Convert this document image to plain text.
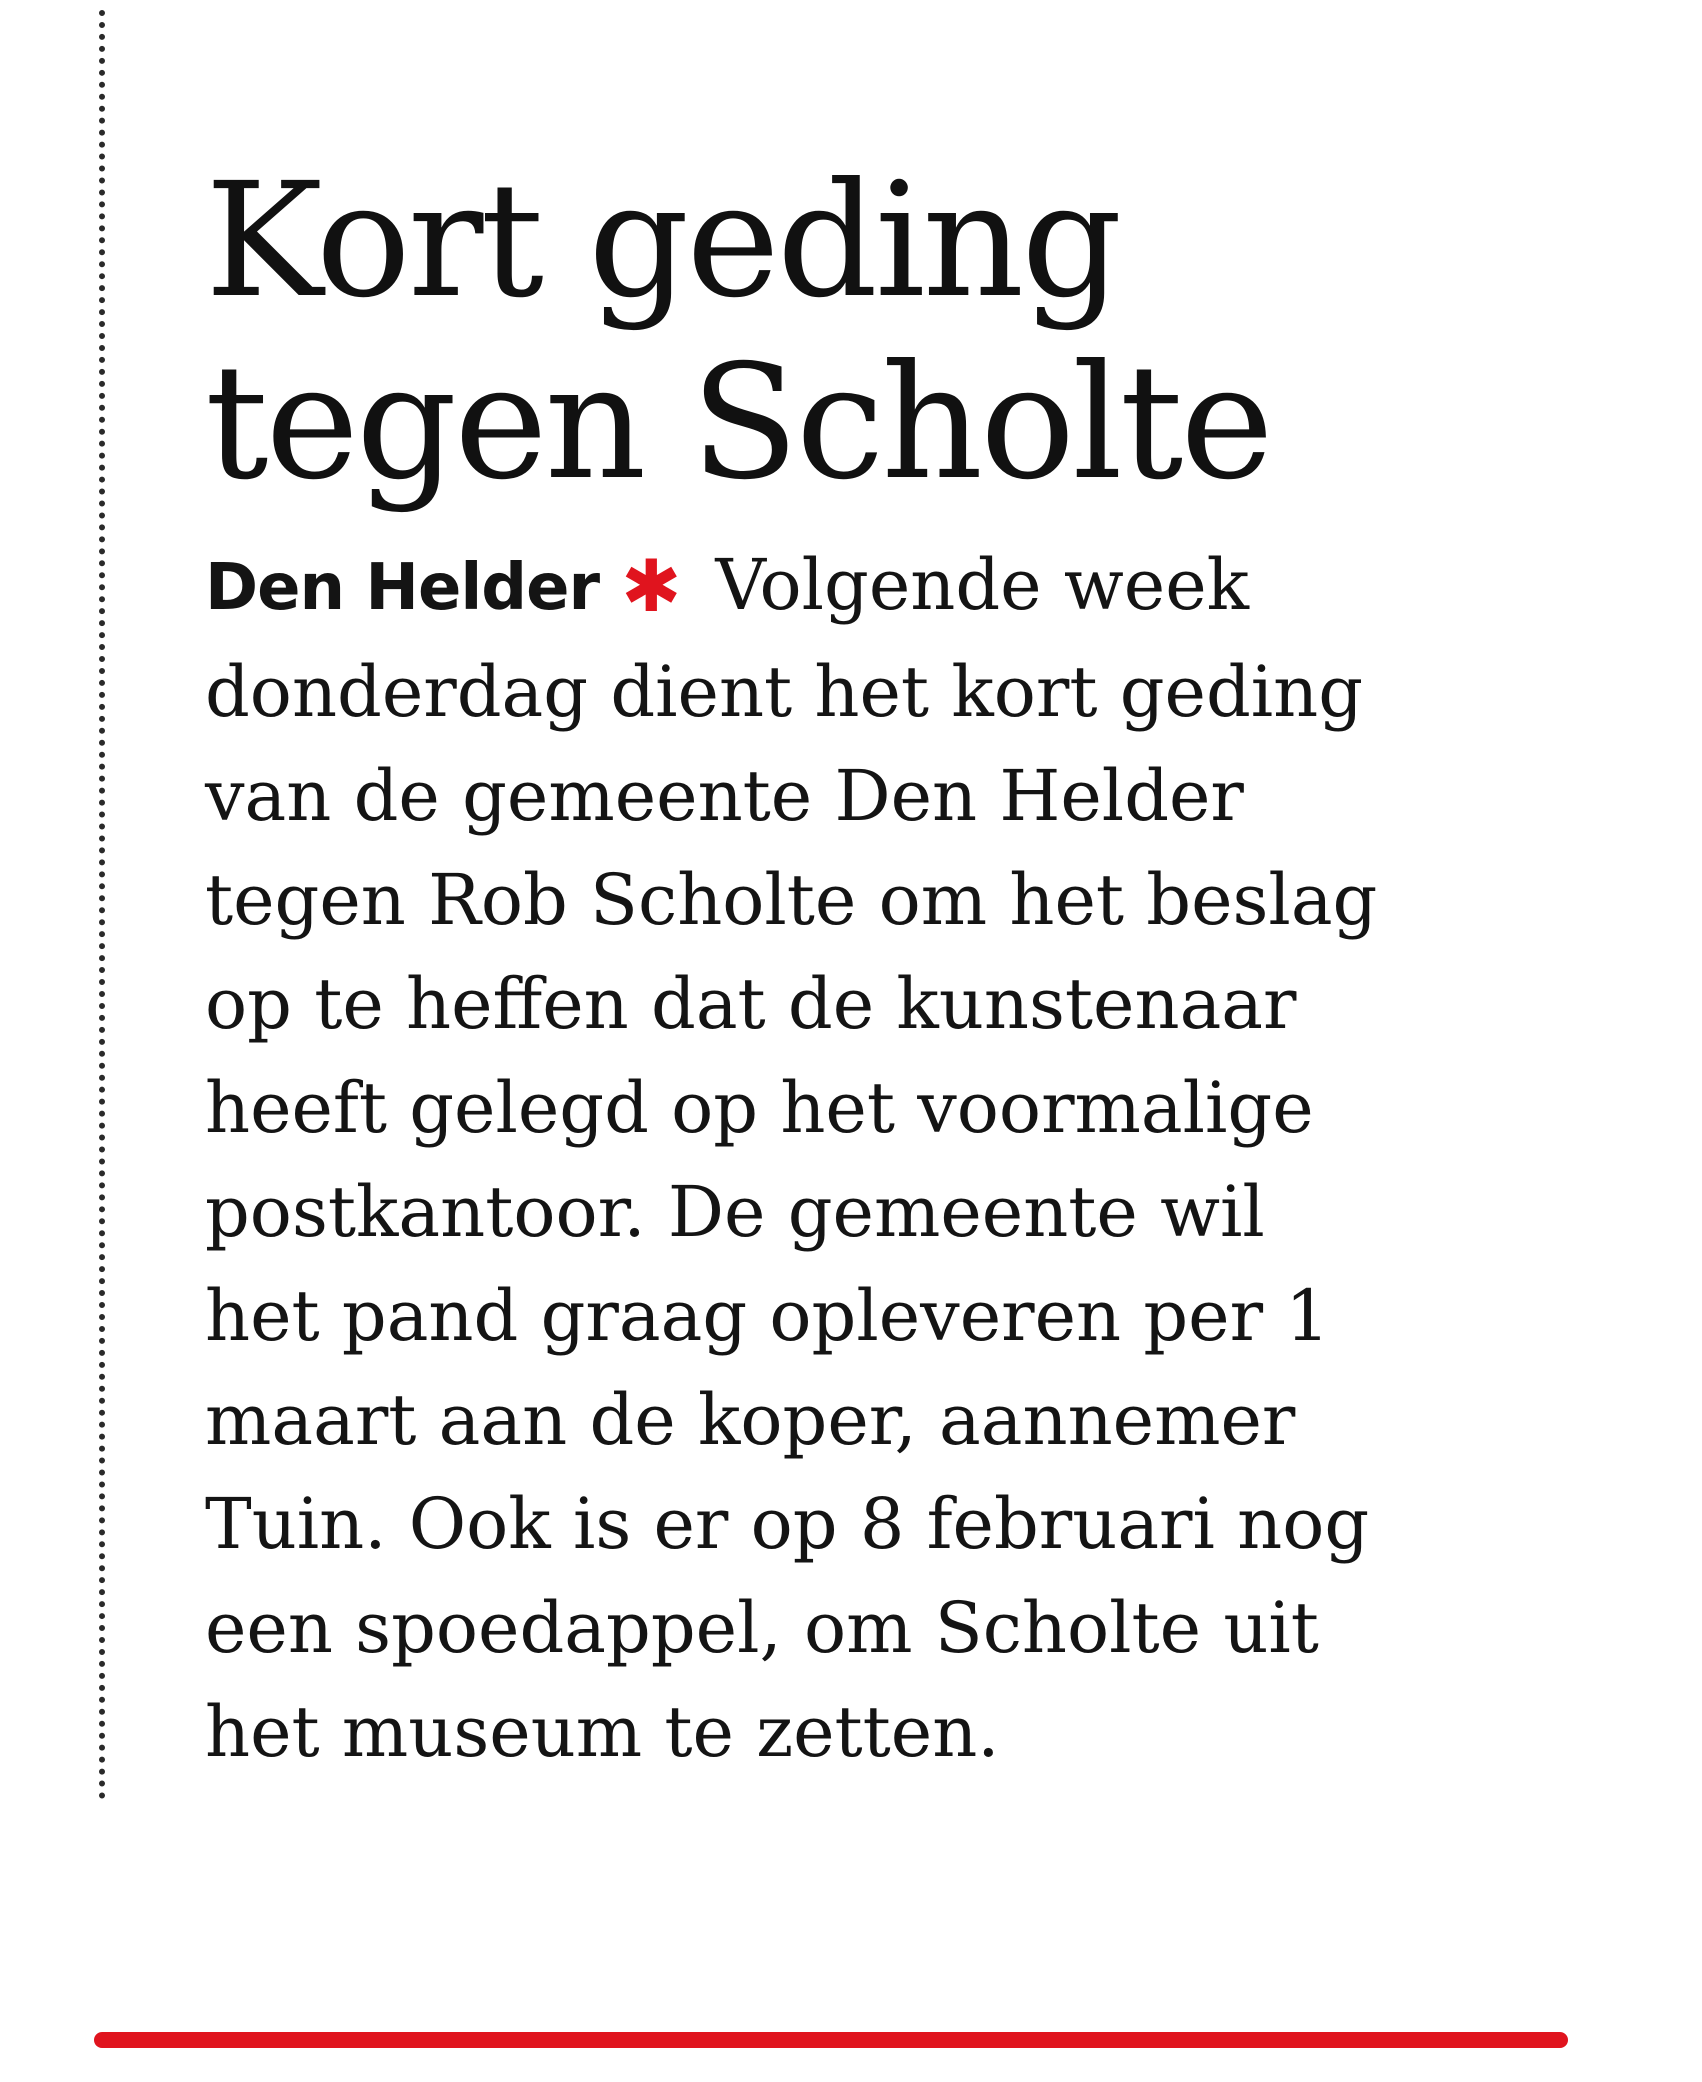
Kort geding
tegen Scholte
Den Helder ✱ Volgende week
donderdag dient het kort geding
van de gemeente Den Helder
tegen Rob Scholte om het beslag
op te heffen dat de kunstenaar
heeft gelegd op het voormalige
postkantoor. De gemeente wil
het pand graag opleveren per 1
maart aan de koper, aannemer
Tuin. Ook is er op 8 februari nog
een spoedappel, om Scholte uit
het museum te zetten.
